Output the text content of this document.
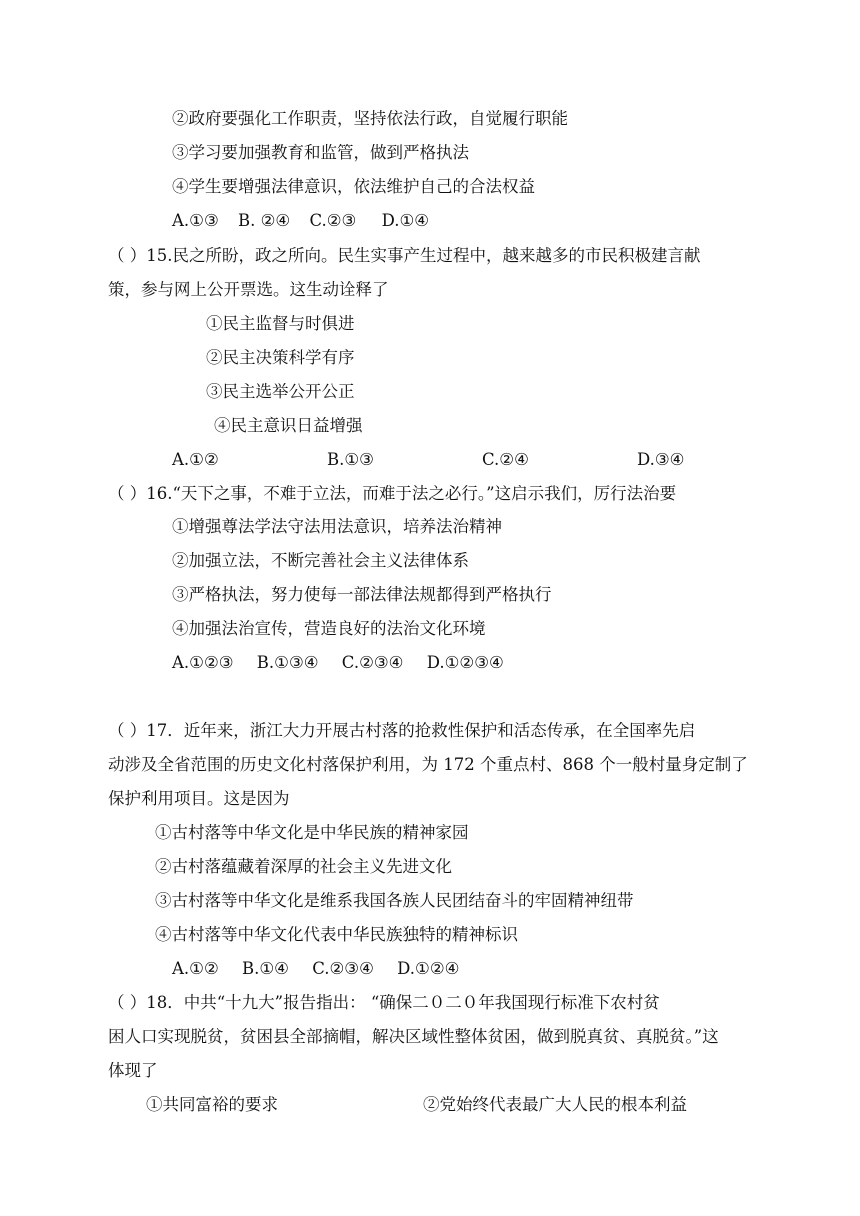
②政府要强化工作职责，坚持依法行政，自觉履行职能
③学习要加强教育和监管，做到严格执法
④学生要增强法律意识，依法维护自己的合法权益
A.①③ B. ②④ C.②③ D.①④
（ ）15.民之所盼，政之所向。民生实事产生过程中，越来越多的市民积极建言献
策，参与网上公开票选。这生动诠释了
①民主监督与时俱进
②民主决策科学有序
③民主选举公开公正
④民主意识日益增强
A.①②	B.①③	C.②④	D.③④
（ ）16.“天下之事，不难于立法，而难于法之必行。”这启示我们，厉行法治要
①增强尊法学法守法用法意识，培养法治精神
②加强立法，不断完善社会主义法律体系
③严格执法，努力使每一部法律法规都得到严格执行
④加强法治宣传，营造良好的法治文化环境
A.①②③ B.①③④ C.②③④ D.①②③④
（ ）17．近年来，浙江大力开展古村落的抢救性保护和活态传承，在全国率先启
动涉及全省范围的历史文化村落保护利用，为 172 个重点村、868 个一般村量身定制了
保护利用项目。这是因为
①古村落等中华文化是中华民族的精神家园
②古村落蕴藏着深厚的社会主义先进文化
③古村落等中华文化是维系我国各族人民团结奋斗的牢固精神纽带
④古村落等中华文化代表中华民族独特的精神标识
A.①② B.①④ C.②③④ D.①②④
（ ）18．中共“十九大”报告指出： “确保二０二０年我国现行标准下农村贫
困人口实现脱贫，贫困县全部摘帽，解决区域性整体贫困，做到脱真贫、真脱贫。”这
体现了
①共同富裕的要求	②党始终代表最广大人民的根本利益
